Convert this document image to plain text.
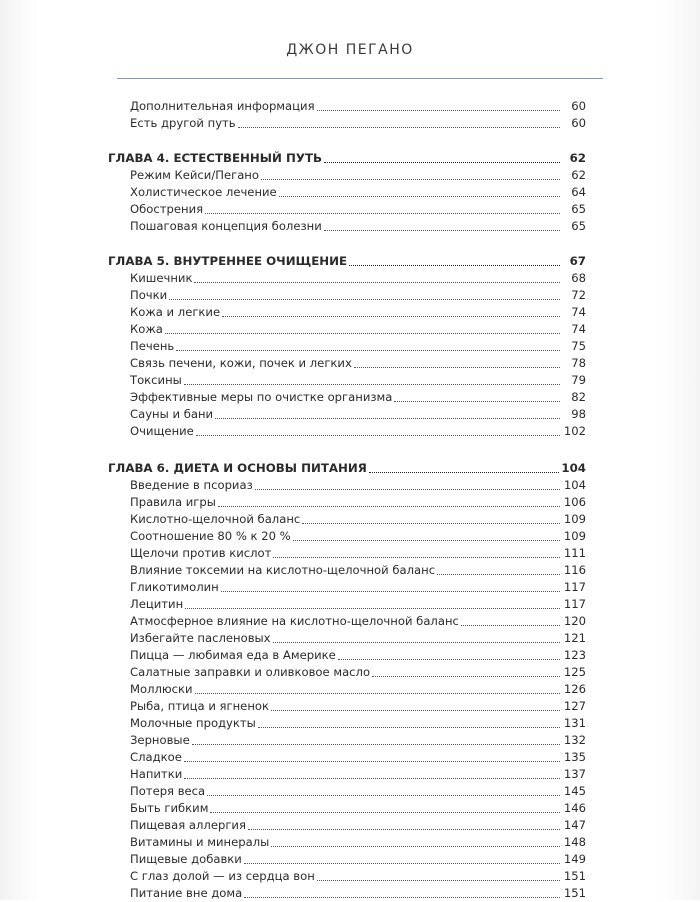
ДЖОН ПЕГАНО
Дополнительная информация	60
Есть другой путь	60
ГЛАВА 4. ЕСТЕСТВЕННЫЙ ПУТЬ	62
Режим Кейси/Пегано	62
Холистическое лечение	64
Обострения	65
Пошаговая концепция болезни	65
ГЛАВА 5. ВНУТРЕННЕЕ ОЧИЩЕНИЕ	67
Кишечник	68
Почки	72
Кожа и легкие	74
Кожа	74
Печень	75
Связь печени, кожи, почек и легких	78
Токсины	79
Эффективные меры по очистке организма	82
Сауны и бани	98
Очищение	102
ГЛАВА 6. ДИЕТА И ОСНОВЫ ПИТАНИЯ	104
Введение в псориаз	104
Правила игры	106
Кислотно-щелочной баланс	109
Соотношение 80 % к 20 %	109
Щелочи против кислот	111
Влияние токсемии на кислотно-щелочной баланс	116
Гликотимолин	117
Лецитин	117
Атмосферное влияние на кислотно-щелочной баланс	120
Избегайте пасленовых	121
Пицца — любимая еда в Америке	123
Салатные заправки и оливковое масло	125
Моллюски	126
Рыба, птица и ягненок	127
Молочные продукты	131
Зерновые	132
Сладкое	135
Напитки	137
Потеря веса	145
Быть гибким	146
Пищевая аллергия	147
Витамины и минералы	148
Пищевые добавки	149
С глаз долой — из сердца вон	151
Питание вне дома	151
